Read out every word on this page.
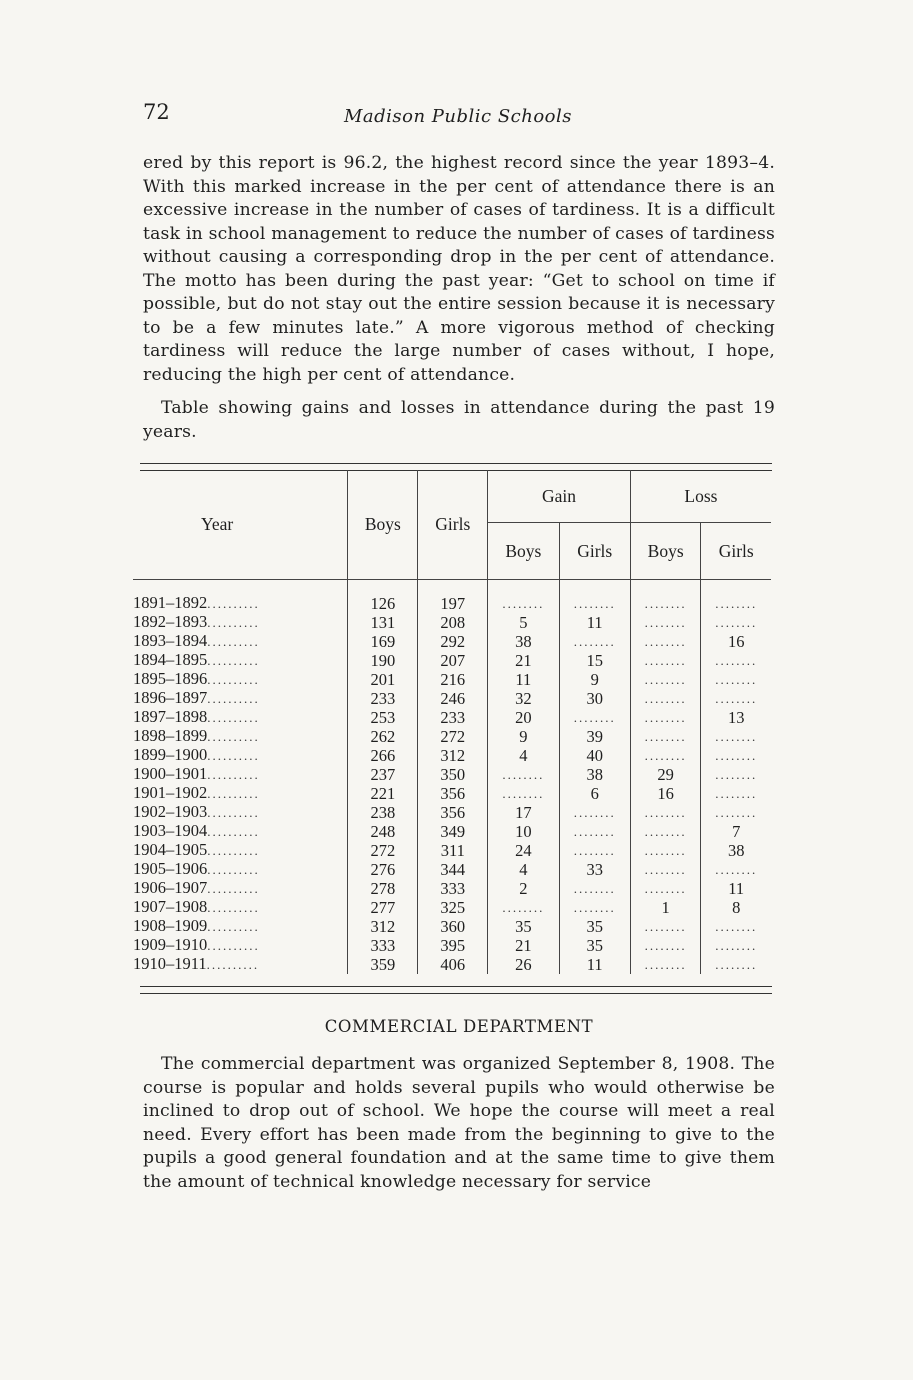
72	Madison Public Schools

ered by this report is 96.2, the highest record since the year 1893–4. With this marked increase in the per cent of attendance there is an excessive increase in the number of cases of tardiness. It is a difficult task in school management to reduce the number of cases of tardiness without causing a corresponding drop in the per cent of attendance. The motto has been during the past year: “Get to school on time if possible, but do not stay out the entire session because it is necessary to be a few minutes late.” A more vigorous method of checking tardiness will reduce the large number of cases without, I hope, reducing the high per cent of attendance.

Table showing gains and losses in attendance during the past 19 years.

Year	Boys	Girls	Gain		Loss	
			Boys	Girls	Boys	Girls

1891–1892..........	126	197	........	........	........	........
1892–1893..........	131	208	5	11	........	........
1893–1894..........	169	292	38	........	........	16
1894–1895..........	190	207	21	15	........	........
1895–1896..........	201	216	11	9	........	........
1896–1897..........	233	246	32	30	........	........
1897–1898..........	253	233	20	........	........	13
1898–1899..........	262	272	9	39	........	........
1899–1900..........	266	312	4	40	........	........
1900–1901..........	237	350	........	38	29	........
1901–1902..........	221	356	........	6	16	........
1902–1903..........	238	356	17	........	........	........
1903–1904..........	248	349	10	........	........	7
1904–1905..........	272	311	24	........	........	38
1905–1906..........	276	344	4	33	........	........
1906–1907..........	278	333	2	........	........	11
1907–1908..........	277	325	........	........	1	8
1908–1909..........	312	360	35	35	........	........
1909–1910..........	333	395	21	35	........	........
1910–1911..........	359	406	26	11	........	........
COMMERCIAL DEPARTMENT

The commercial department was organized September 8, 1908. The course is popular and holds several pupils who would otherwise be inclined to drop out of school. We hope the course will meet a real need. Every effort has been made from the beginning to give to the pupils a good general foundation and at the same time to give them the amount of technical knowledge necessary for service
